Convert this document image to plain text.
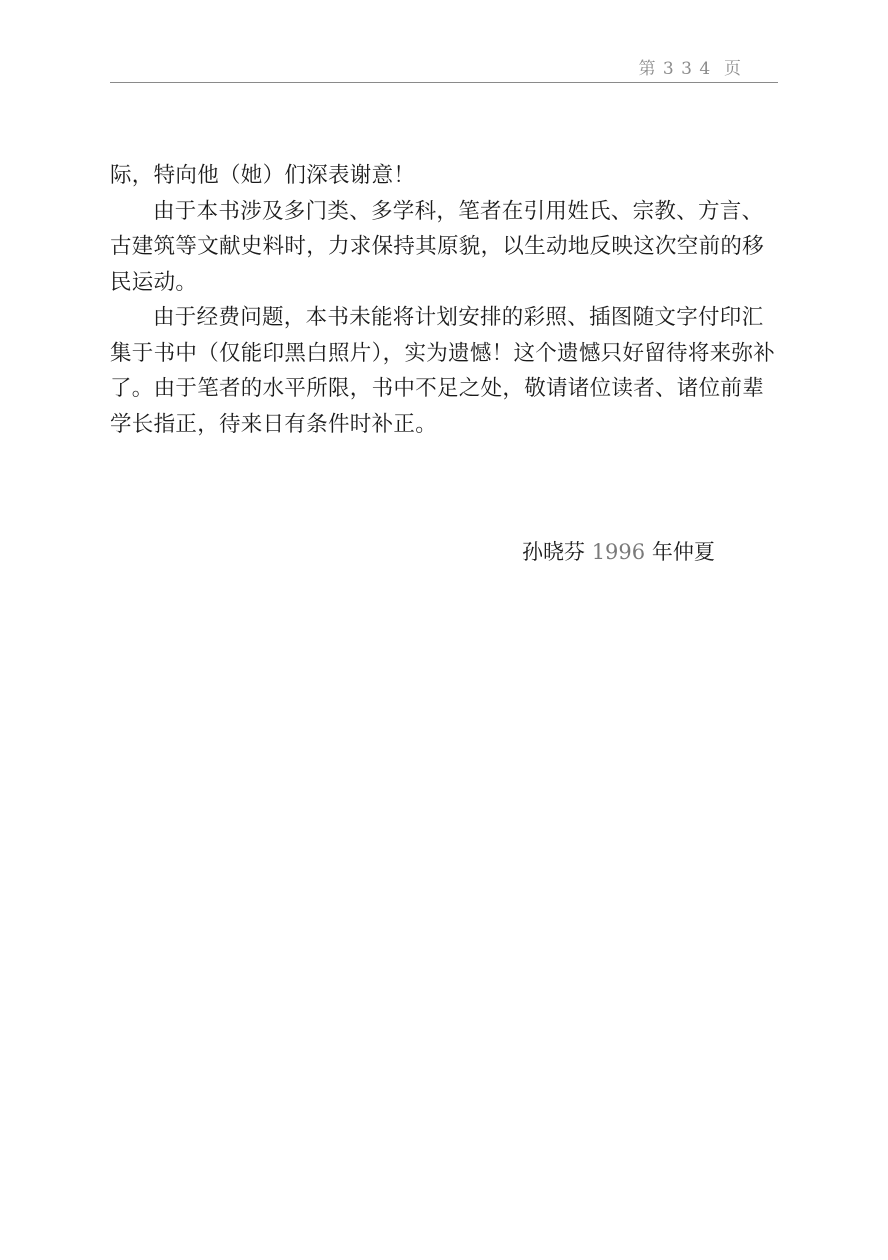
第 3 3 4  页

际，特向他（她）们深表谢意！

由于本书涉及多门类、多学科，笔者在引用姓氏、宗教、方言、古建筑等文献史料时，力求保持其原貌，以生动地反映这次空前的移民运动。

由于经费问题，本书未能将计划安排的彩照、插图随文字付印汇集于书中（仅能印黑白照片），实为遗憾！这个遗憾只好留待将来弥补了。由于笔者的水平所限，书中不足之处，敬请诸位读者、诸位前辈学长指正，待来日有条件时补正。

孙晓芬 1996 年仲夏
